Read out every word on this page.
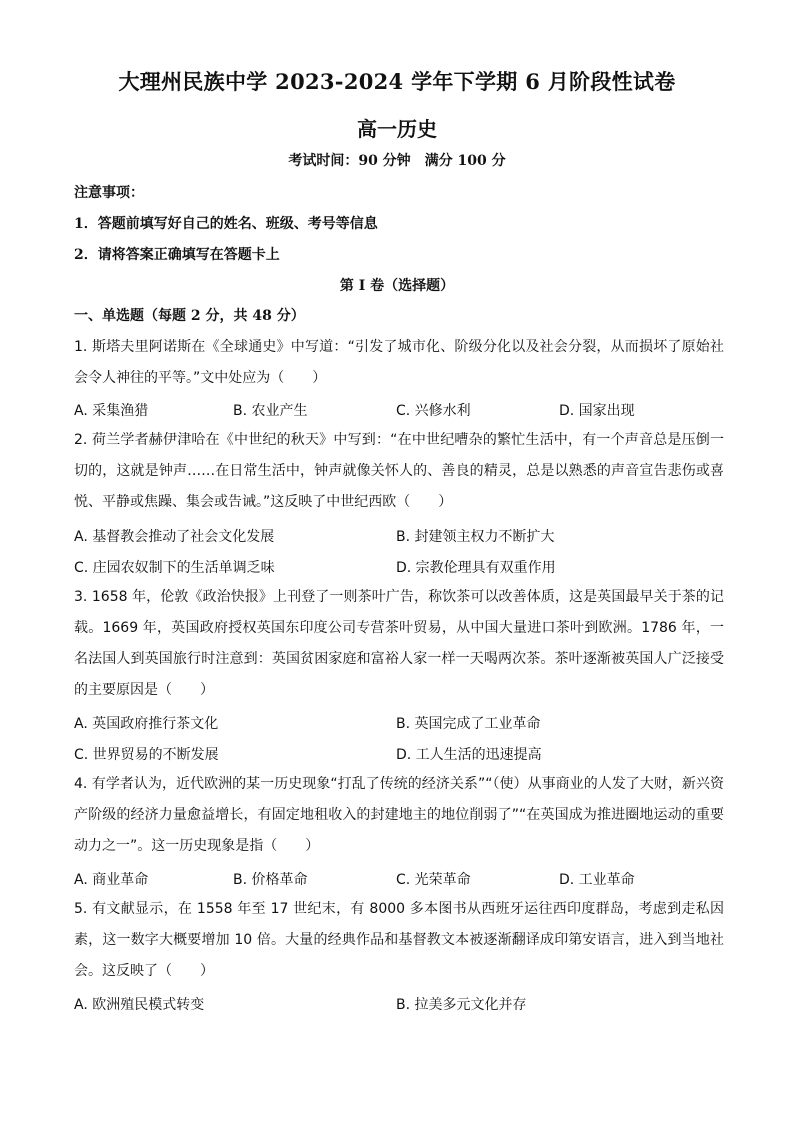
大理州民族中学 2023-2024 学年下学期 6 月阶段性试卷
高一历史
考试时间：90 分钟　满分 100 分
注意事项：
1．答题前填写好自己的姓名、班级、考号等信息
2．请将答案正确填写在答题卡上
第 I 卷（选择题）
一、单选题（每题 2 分，共 48 分）
1. 斯塔夫里阿诺斯在《全球通史》中写道：“引发了城市化、阶级分化以及社会分裂，从而损坏了原始社会令人神往的平等。”文中处应为（　　）
A. 采集渔猎	B. 农业产生	C. 兴修水利	D. 国家出现
2. 荷兰学者赫伊津哈在《中世纪的秋天》中写到：“在中世纪嘈杂的繁忙生活中，有一个声音总是压倒一切的，这就是钟声……在日常生活中，钟声就像关怀人的、善良的精灵，总是以熟悉的声音宣告悲伤或喜悦、平静或焦躁、集会或告诫。”这反映了中世纪西欧（　　）
A. 基督教会推动了社会文化发展	B. 封建领主权力不断扩大
C. 庄园农奴制下的生活单调乏味	D. 宗教伦理具有双重作用
3. 1658 年，伦敦《政治快报》上刊登了一则茶叶广告，称饮茶可以改善体质，这是英国最早关于茶的记载。1669 年，英国政府授权英国东印度公司专营茶叶贸易，从中国大量进口茶叶到欧洲。1786 年，一名法国人到英国旅行时注意到：英国贫困家庭和富裕人家一样一天喝两次茶。茶叶逐渐被英国人广泛接受的主要原因是（　　）
A. 英国政府推行茶文化	B. 英国完成了工业革命
C. 世界贸易的不断发展	D. 工人生活的迅速提高
4. 有学者认为，近代欧洲的某一历史现象“打乱了传统的经济关系”“（使）从事商业的人发了大财，新兴资产阶级的经济力量愈益增长，有固定地租收入的封建地主的地位削弱了”“在英国成为推进圈地运动的重要动力之一”。这一历史现象是指（　　）
A. 商业革命	B. 价格革命	C. 光荣革命	D. 工业革命
5. 有文献显示，在 1558 年至 17 世纪末，有 8000 多本图书从西班牙运往西印度群岛，考虑到走私因素，这一数字大概要增加 10 倍。大量的经典作品和基督教文本被逐渐翻译成印第安语言，进入到当地社会。这反映了（　　）
A. 欧洲殖民模式转变	B. 拉美多元文化并存
